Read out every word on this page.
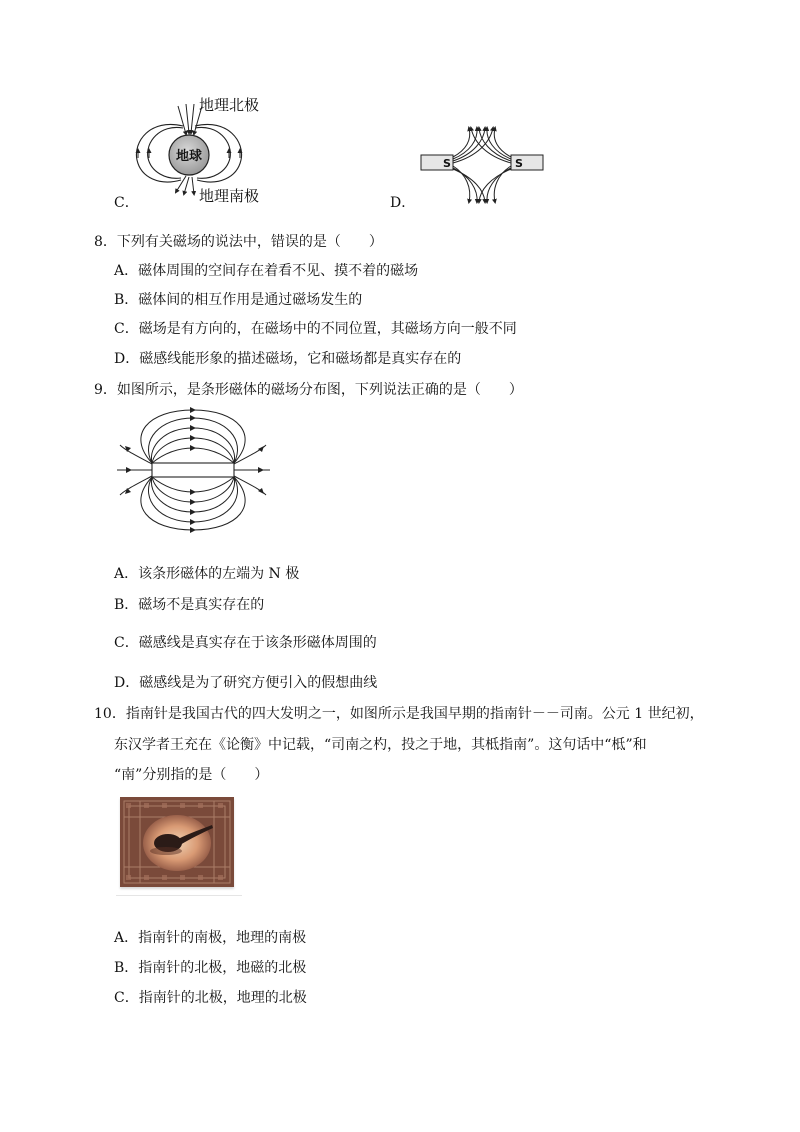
地球
地理北极
地理南极
C．
S	S
D．
8．下列有关磁场的说法中，错误的是（　　）
A．磁体周围的空间存在着看不见、摸不着的磁场
B．磁体间的相互作用是通过磁场发生的
C．磁场是有方向的，在磁场中的不同位置，其磁场方向一般不同
D．磁感线能形象的描述磁场，它和磁场都是真实存在的
9．如图所示，是条形磁体的磁场分布图，下列说法正确的是（　　）
A．该条形磁体的左端为 N 极
B．磁场不是真实存在的
C．磁感线是真实存在于该条形磁体周围的
D．磁感线是为了研究方便引入的假想曲线
10．指南针是我国古代的四大发明之一，如图所示是我国早期的指南针－－司南。公元 1 世纪初，
东汉学者王充在《论衡》中记载，“司南之杓，投之于地，其柢指南”。这句话中“柢”和
“南”分别指的是（　　）
A．指南针的南极，地理的南极
B．指南针的北极，地磁的北极
C．指南针的北极，地理的北极
